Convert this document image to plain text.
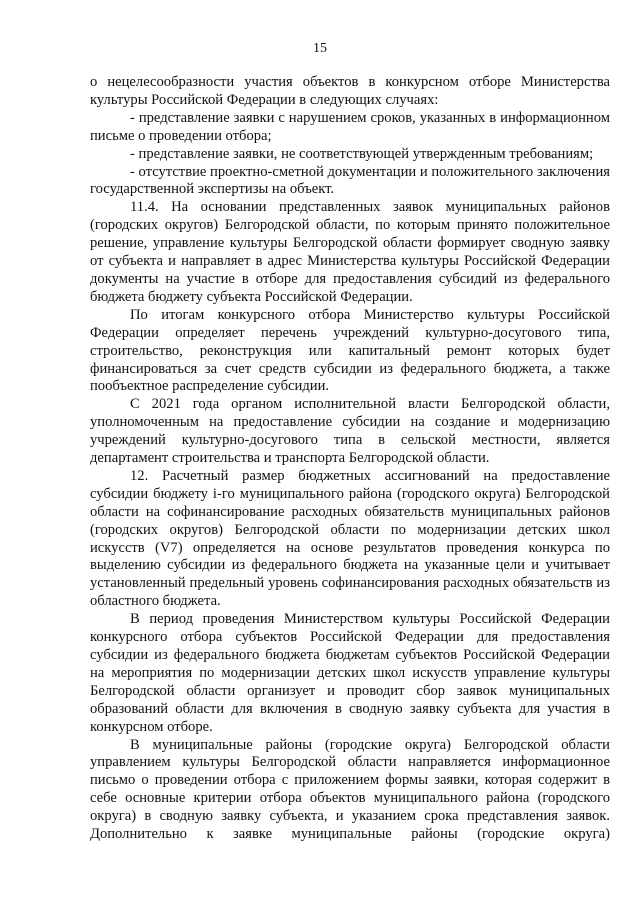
15

о нецелесообразности участия объектов в конкурсном отборе Министерства культуры Российской Федерации в следующих случаях:

- представление заявки с нарушением сроков, указанных в информационном письме о проведении отбора;

- представление заявки, не соответствующей утвержденным требованиям;

- отсутствие проектно-сметной документации и положительного заключения государственной экспертизы на объект.

11.4. На основании представленных заявок муниципальных районов (городских округов) Белгородской области, по которым принято положительное решение, управление культуры Белгородской области формирует сводную заявку от субъекта и направляет в адрес Министерства культуры Российской Федерации документы на участие в отборе для предоставления субсидий из федерального бюджета бюджету субъекта Российской Федерации.

По итогам конкурсного отбора Министерство культуры Российской Федерации определяет перечень учреждений культурно-досугового типа, строительство, реконструкция или капитальный ремонт которых будет финансироваться за счет средств субсидии из федерального бюджета, а также пообъектное распределение субсидии.

С 2021 года органом исполнительной власти Белгородской области, уполномоченным на предоставление субсидии на создание и модернизацию учреждений культурно-досугового типа в сельской местности, является департамент строительства и транспорта Белгородской области.

12. Расчетный размер бюджетных ассигнований на предоставление субсидии бюджету і-го муниципального района (городского округа) Белгородской области на софинансирование расходных обязательств муниципальных районов (городских округов) Белгородской области по модернизации детских школ искусств (V7) определяется на основе результатов проведения конкурса по выделению субсидии из федерального бюджета на указанные цели и учитывает установленный предельный уровень софинансирования расходных обязательств из областного бюджета.

В период проведения Министерством культуры Российской Федерации конкурсного отбора субъектов Российской Федерации для предоставления субсидии из федерального бюджета бюджетам субъектов Российской Федерации на мероприятия по модернизации детских школ искусств управление культуры Белгородской области организует и проводит сбор заявок муниципальных образований области для включения в сводную заявку субъекта для участия в конкурсном отборе.

В муниципальные районы (городские округа) Белгородской области управлением культуры Белгородской области направляется информационное письмо о проведении отбора с приложением формы заявки, которая содержит в себе основные критерии отбора объектов муниципального района (городского округа) в сводную заявку субъекта, и указанием срока представления заявок. Дополнительно к заявке муниципальные районы (городские округа)
